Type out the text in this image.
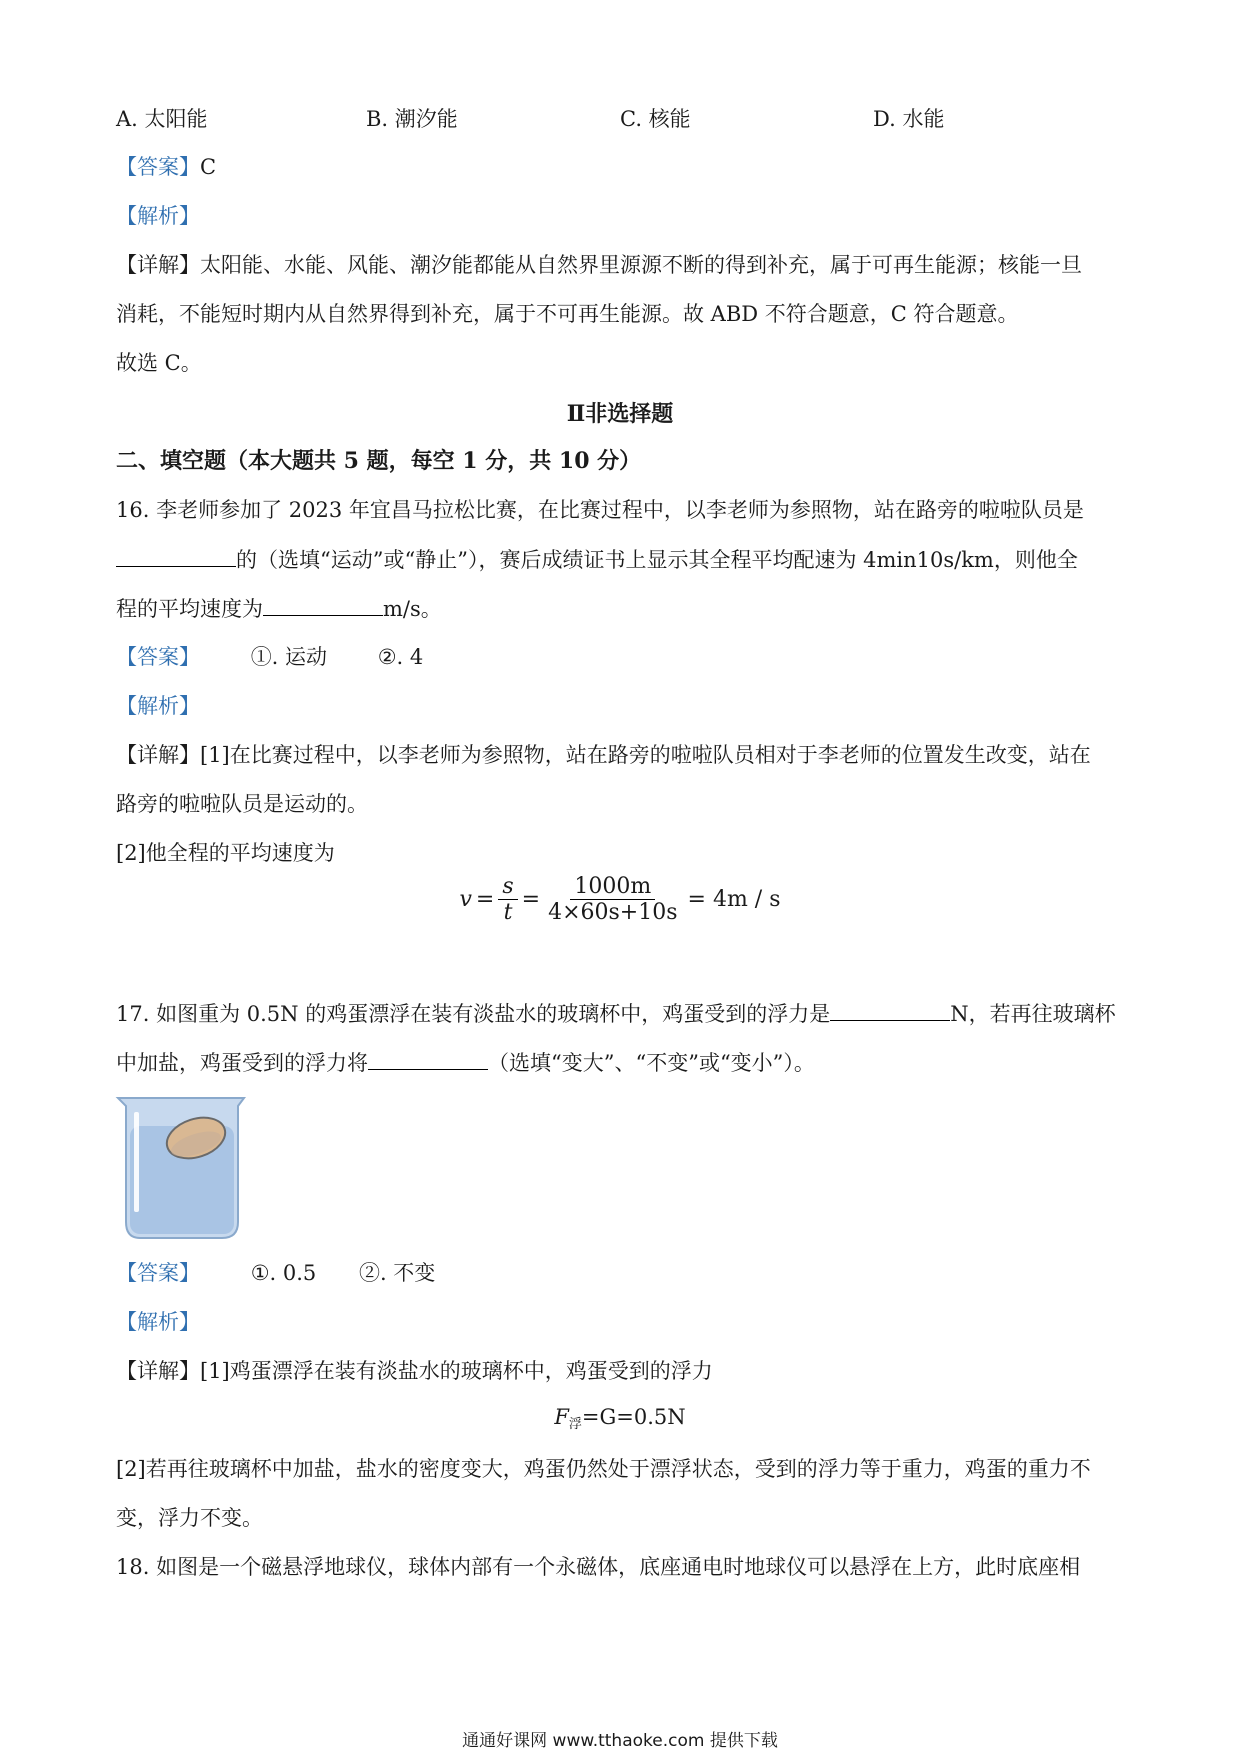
A. 太阳能	B. 潮汐能	C. 核能	D. 水能
【答案】C
【解析】
【详解】太阳能、水能、风能、潮汐能都能从自然界里源源不断的得到补充，属于可再生能源；核能一旦
消耗，不能短时期内从自然界得到补充，属于不可再生能源。故 ABD 不符合题意，C 符合题意。
故选 C。
Ⅱ非选择题
二、填空题（本大题共 5 题，每空 1 分，共 10 分）
16. 李老师参加了 2023 年宜昌马拉松比赛，在比赛过程中，以李老师为参照物，站在路旁的啦啦队员是
的（选填“运动”或“静止”），赛后成绩证书上显示其全程平均配速为 4min10s/km，则他全
程的平均速度为	m/s。
【答案】 ①. 运动 ②. 4
【解析】
【详解】[1]在比赛过程中，以李老师为参照物，站在路旁的啦啦队员相对于李老师的位置发生改变，站在
路旁的啦啦队员是运动的。
[2]他全程的平均速度为
$v = \frac{s}{t} = \frac{1000m}{4\times 60s+10s} = 4m / s$
17. 如图重为 0.5N 的鸡蛋漂浮在装有淡盐水的玻璃杯中，鸡蛋受到的浮力是	N，若再往玻璃杯
中加盐，鸡蛋受到的浮力将	（选填“变大”、“不变”或“变小”）。
【答案】 ①. 0.5 ②. 不变
【解析】
【详解】[1]鸡蛋漂浮在装有淡盐水的玻璃杯中，鸡蛋受到的浮力
$F_浮=G=0.5N$
[2]若再往玻璃杯中加盐，盐水的密度变大，鸡蛋仍然处于漂浮状态，受到的浮力等于重力，鸡蛋的重力不
变，浮力不变。
18. 如图是一个磁悬浮地球仪，球体内部有一个永磁体，底座通电时地球仪可以悬浮在上方，此时底座相
通通好课网 www.tthaoke.com 提供下载
